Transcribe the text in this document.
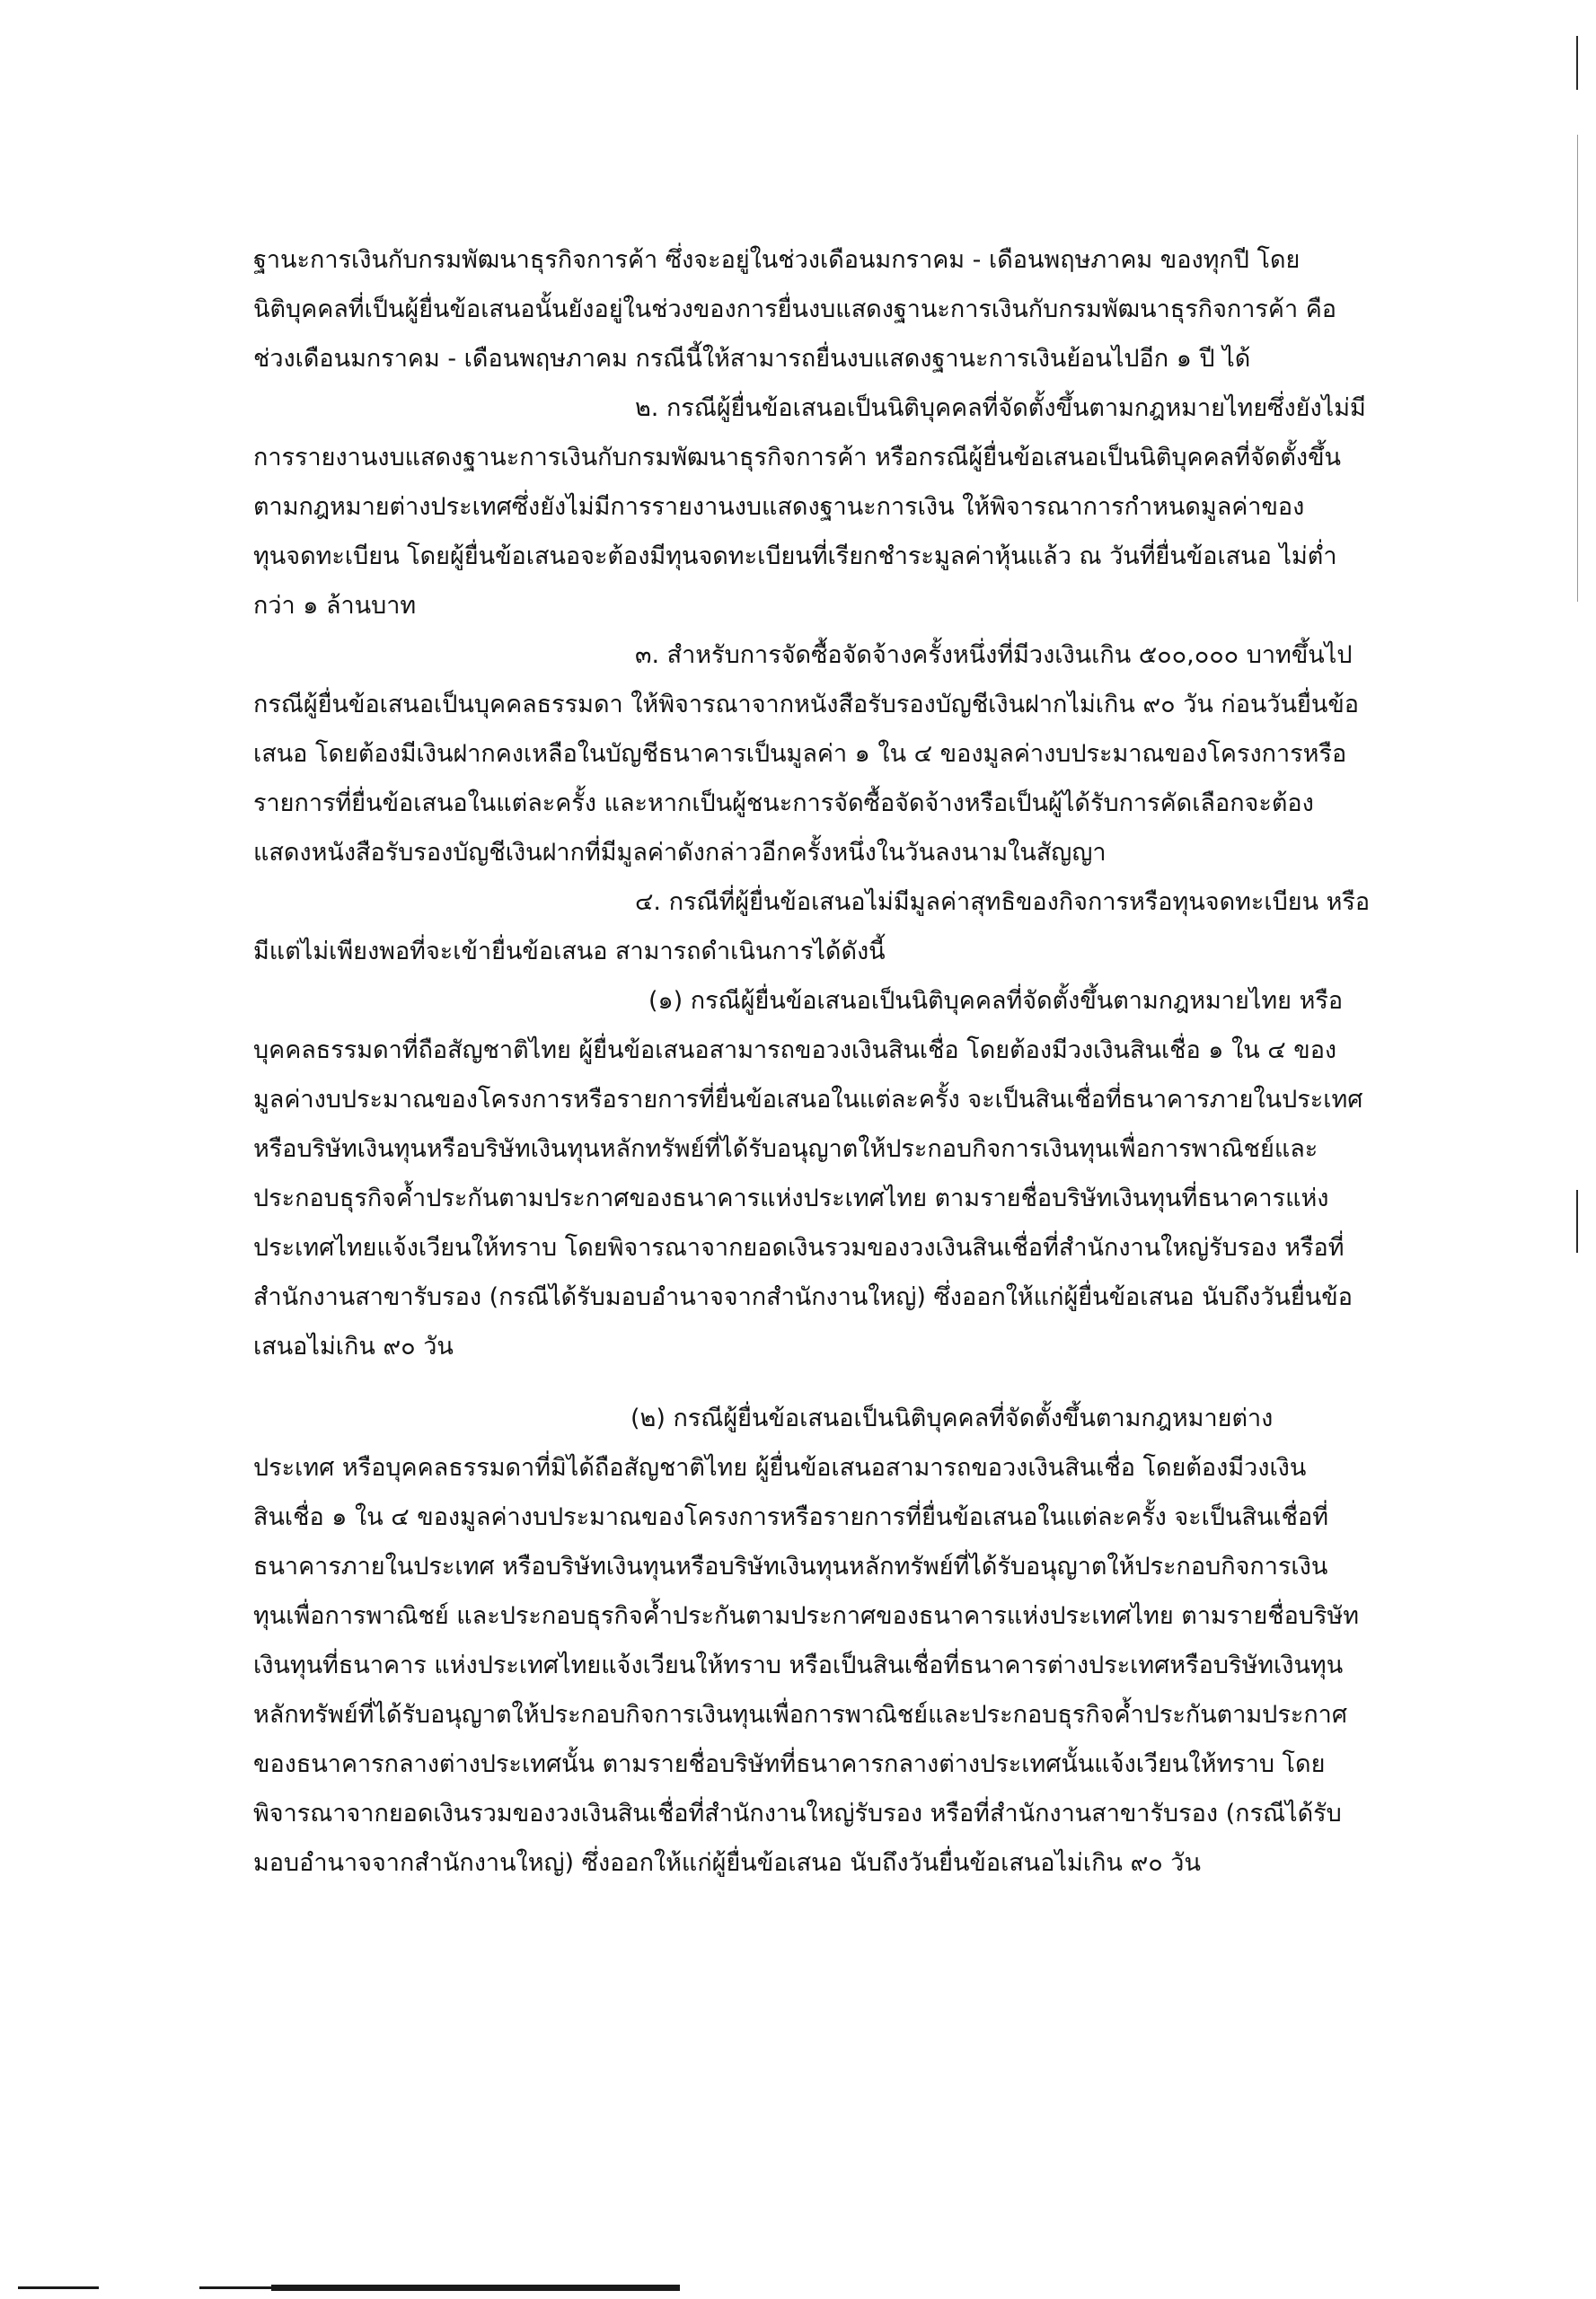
ฐานะการเงินกับกรมพัฒนาธุรกิจการค้า ซึ่งจะอยู่ในช่วงเดือนมกราคม - เดือนพฤษภาคม ของทุกปี โดย
นิติบุคคลที่เป็นผู้ยื่นข้อเสนอนั้นยังอยู่ในช่วงของการยื่นงบแสดงฐานะการเงินกับกรมพัฒนาธุรกิจการค้า คือ
ช่วงเดือนมกราคม - เดือนพฤษภาคม กรณีนี้ให้สามารถยื่นงบแสดงฐานะการเงินย้อนไปอีก ๑ ปี ได้
๒. กรณีผู้ยื่นข้อเสนอเป็นนิติบุคคลที่จัดตั้งขึ้นตามกฎหมายไทยซึ่งยังไม่มี
การรายงานงบแสดงฐานะการเงินกับกรมพัฒนาธุรกิจการค้า หรือกรณีผู้ยื่นข้อเสนอเป็นนิติบุคคลที่จัดตั้งขึ้น
ตามกฎหมายต่างประเทศซึ่งยังไม่มีการรายงานงบแสดงฐานะการเงิน ให้พิจารณาการกำหนดมูลค่าของ
ทุนจดทะเบียน โดยผู้ยื่นข้อเสนอจะต้องมีทุนจดทะเบียนที่เรียกชำระมูลค่าหุ้นแล้ว ณ วันที่ยื่นข้อเสนอ ไม่ต่ำ
กว่า ๑ ล้านบาท
๓. สำหรับการจัดซื้อจัดจ้างครั้งหนึ่งที่มีวงเงินเกิน ๕๐๐,๐๐๐ บาทขึ้นไป
กรณีผู้ยื่นข้อเสนอเป็นบุคคลธรรมดา ให้พิจารณาจากหนังสือรับรองบัญชีเงินฝากไม่เกิน ๙๐ วัน ก่อนวันยื่นข้อ
เสนอ โดยต้องมีเงินฝากคงเหลือในบัญชีธนาคารเป็นมูลค่า ๑ ใน ๔ ของมูลค่างบประมาณของโครงการหรือ
รายการที่ยื่นข้อเสนอในแต่ละครั้ง และหากเป็นผู้ชนะการจัดซื้อจัดจ้างหรือเป็นผู้ได้รับการคัดเลือกจะต้อง
แสดงหนังสือรับรองบัญชีเงินฝากที่มีมูลค่าดังกล่าวอีกครั้งหนึ่งในวันลงนามในสัญญา
๔. กรณีที่ผู้ยื่นข้อเสนอไม่มีมูลค่าสุทธิของกิจการหรือทุนจดทะเบียน หรือ
มีแต่ไม่เพียงพอที่จะเข้ายื่นข้อเสนอ สามารถดำเนินการได้ดังนี้
(๑) กรณีผู้ยื่นข้อเสนอเป็นนิติบุคคลที่จัดตั้งขึ้นตามกฎหมายไทย หรือ
บุคคลธรรมดาที่ถือสัญชาติไทย ผู้ยื่นข้อเสนอสามารถขอวงเงินสินเชื่อ โดยต้องมีวงเงินสินเชื่อ ๑ ใน ๔ ของ
มูลค่างบประมาณของโครงการหรือรายการที่ยื่นข้อเสนอในแต่ละครั้ง จะเป็นสินเชื่อที่ธนาคารภายในประเทศ
หรือบริษัทเงินทุนหรือบริษัทเงินทุนหลักทรัพย์ที่ได้รับอนุญาตให้ประกอบกิจการเงินทุนเพื่อการพาณิชย์และ
ประกอบธุรกิจค้ำประกันตามประกาศของธนาคารแห่งประเทศไทย ตามรายชื่อบริษัทเงินทุนที่ธนาคารแห่ง
ประเทศไทยแจ้งเวียนให้ทราบ โดยพิจารณาจากยอดเงินรวมของวงเงินสินเชื่อที่สำนักงานใหญ่รับรอง หรือที่
สำนักงานสาขารับรอง (กรณีได้รับมอบอำนาจจากสำนักงานใหญ่) ซึ่งออกให้แก่ผู้ยื่นข้อเสนอ นับถึงวันยื่นข้อ
เสนอไม่เกิน ๙๐ วัน
(๒) กรณีผู้ยื่นข้อเสนอเป็นนิติบุคคลที่จัดตั้งขึ้นตามกฎหมายต่าง
ประเทศ หรือบุคคลธรรมดาที่มิได้ถือสัญชาติไทย ผู้ยื่นข้อเสนอสามารถขอวงเงินสินเชื่อ โดยต้องมีวงเงิน
สินเชื่อ ๑ ใน ๔ ของมูลค่างบประมาณของโครงการหรือรายการที่ยื่นข้อเสนอในแต่ละครั้ง จะเป็นสินเชื่อที่
ธนาคารภายในประเทศ หรือบริษัทเงินทุนหรือบริษัทเงินทุนหลักทรัพย์ที่ได้รับอนุญาตให้ประกอบกิจการเงิน
ทุนเพื่อการพาณิชย์ และประกอบธุรกิจค้ำประกันตามประกาศของธนาคารแห่งประเทศไทย ตามรายชื่อบริษัท
เงินทุนที่ธนาคาร แห่งประเทศไทยแจ้งเวียนให้ทราบ หรือเป็นสินเชื่อที่ธนาคารต่างประเทศหรือบริษัทเงินทุน
หลักทรัพย์ที่ได้รับอนุญาตให้ประกอบกิจการเงินทุนเพื่อการพาณิชย์และประกอบธุรกิจค้ำประกันตามประกาศ
ของธนาคารกลางต่างประเทศนั้น ตามรายชื่อบริษัทที่ธนาคารกลางต่างประเทศนั้นแจ้งเวียนให้ทราบ โดย
พิจารณาจากยอดเงินรวมของวงเงินสินเชื่อที่สำนักงานใหญ่รับรอง หรือที่สำนักงานสาขารับรอง (กรณีได้รับ
มอบอำนาจจากสำนักงานใหญ่) ซึ่งออกให้แก่ผู้ยื่นข้อเสนอ นับถึงวันยื่นข้อเสนอไม่เกิน ๙๐ วัน
